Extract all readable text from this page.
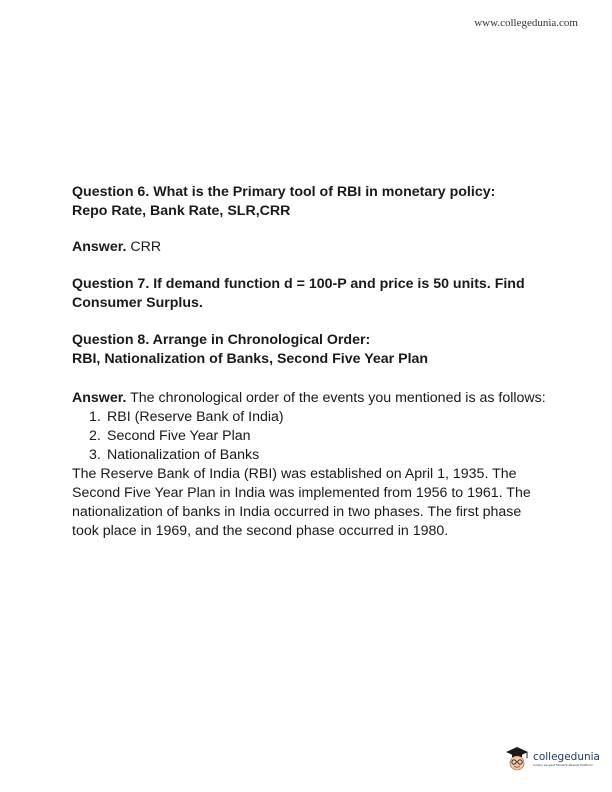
www.collegedunia.com

Question 6. What is the Primary tool of RBI in monetary policy:

Repo Rate, Bank Rate, SLR,CRR

Answer. CRR

Question 7. If demand function d = 100-P and price is 50 units. Find

Consumer Surplus.

Question 8. Arrange in Chronological Order:

RBI, Nationalization of Banks, Second Five Year Plan

Answer. The chronological order of the events you mentioned is as follows:

1. RBI (Reserve Bank of India)
2. Second Five Year Plan
3. Nationalization of Banks
The Reserve Bank of India (RBI) was established on April 1, 1935. The
Second Five Year Plan in India was implemented from 1956 to 1961. The
nationalization of banks in India occurred in two phases. The first phase
took place in 1969, and the second phase occurred in 1980.
collegedunia
India's Largest Student Review Platform
